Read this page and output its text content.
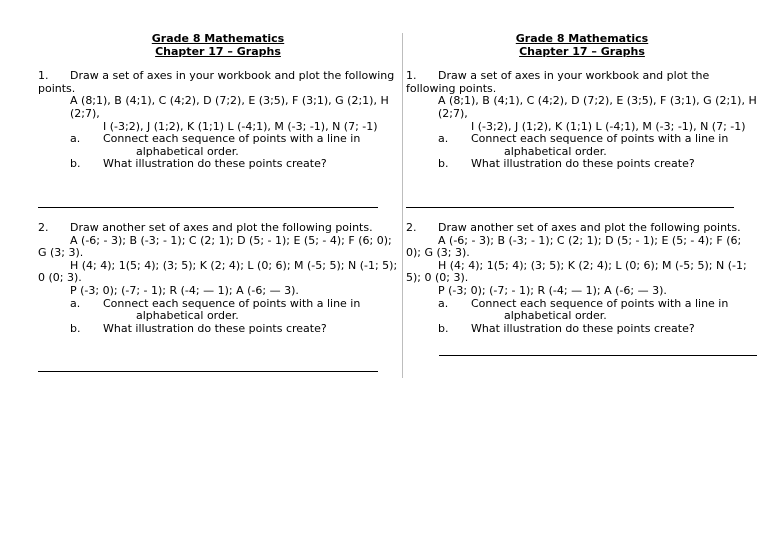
Grade 8 Mathematics
Chapter 17 – Graphs
1. Draw a set of axes in your workbook and plot the following points.
A (8;1), B (4;1), C (4;2), D (7;2), E (3;5), F (3;1), G (2;1), H (2;7),
I (-3;2), J (1;2), K (1;1) L (-4;1), M (-3; -1), N (7; -1)
a.	Connect each sequence of points with a line in
alphabetical order.
b.	What illustration do these points create?
2. Draw another set of axes and plot the following points.
A (-6; - 3); B (-3; - 1); C (2; 1); D (5; - 1); E (5; - 4); F (6; 0); G (3; 3).
H (4; 4); 1(5; 4); (3; 5); K (2; 4); L (0; 6); M (-5; 5); N (-1; 5); 0 (0; 3).
P (-3; 0); (-7; - 1); R (-4; — 1); A (-6; — 3).
a.	Connect each sequence of points with a line in
alphabetical order.
b.	What illustration do these points create?
Grade 8 Mathematics
Chapter 17 – Graphs
1. Draw a set of axes in your workbook and plot the
following points.
A (8;1), B (4;1), C (4;2), D (7;2), E (3;5), F (3;1), G (2;1), H (2;7),
I (-3;2), J (1;2), K (1;1) L (-4;1), M (-3; -1), N (7; -1)
a.	Connect each sequence of points with a line in
alphabetical order.
b.	What illustration do these points create?
2. Draw another set of axes and plot the following points.
A (-6; - 3); B (-3; - 1); C (2; 1); D (5; - 1); E (5; - 4); F (6; 0); G (3; 3).
H (4; 4); 1(5; 4); (3; 5); K (2; 4); L (0; 6); M (-5; 5); N (-1; 5); 0 (0; 3).
P (-3; 0); (-7; - 1); R (-4; — 1); A (-6; — 3).
a.	Connect each sequence of points with a line in
alphabetical order.
b.	What illustration do these points create?
